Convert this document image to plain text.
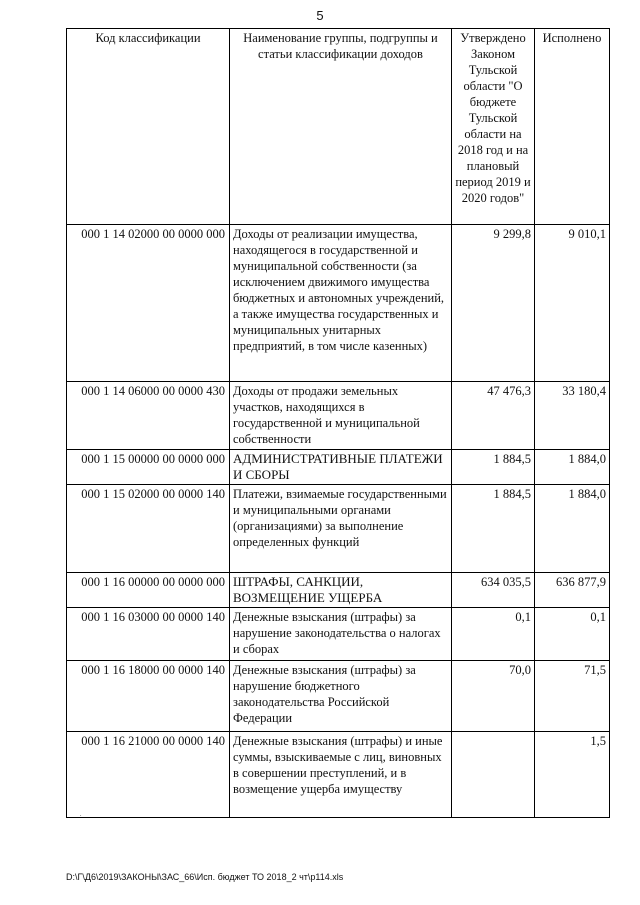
5
Код классификации	Наименование группы, подгруппы и статьи классификации доходов	Утверждено Законом Тульской области "О бюджете Тульской области на 2018 год и на плановый период 2019 и 2020 годов"	Исполнено
000 1 14 02000 00 0000 000	Доходы от реализации имущества, находящегося в государственной и муниципальной собственности (за исключением движимого имущества бюджетных и автономных учреждений, а также имущества государственных и муниципальных унитарных предприятий, в том числе казенных)	9 299,8	9 010,1
000 1 14 06000 00 0000 430	Доходы от продажи земельных участков, находящихся в государственной и муниципальной собственности	47 476,3	33 180,4
000 1 15 00000 00 0000 000	АДМИНИСТРАТИВНЫЕ ПЛАТЕЖИ И СБОРЫ	1 884,5	1 884,0
000 1 15 02000 00 0000 140	Платежи, взимаемые государственными и муниципальными органами (организациями) за выполнение определенных функций	1 884,5	1 884,0
000 1 16 00000 00 0000 000	ШТРАФЫ, САНКЦИИ, ВОЗМЕЩЕНИЕ УЩЕРБА	634 035,5	636 877,9
000 1 16 03000 00 0000 140	Денежные взыскания (штрафы) за нарушение законодательства о налогах и сборах	0,1	0,1
000 1 16 18000 00 0000 140	Денежные взыскания (штрафы) за нарушение бюджетного законодательства Российской Федерации	70,0	71,5
000 1 16 21000 00 0000 140	Денежные взыскания (штрафы) и иные суммы, взыскиваемые с лиц, виновных в совершении преступлений, и в возмещение ущерба имуществу		1,5
.
D:\Г\Д6\2019\ЗАКОНЫ\ЗАС_66\Исп. бюджет ТО 2018_2 чт\р114.xls
